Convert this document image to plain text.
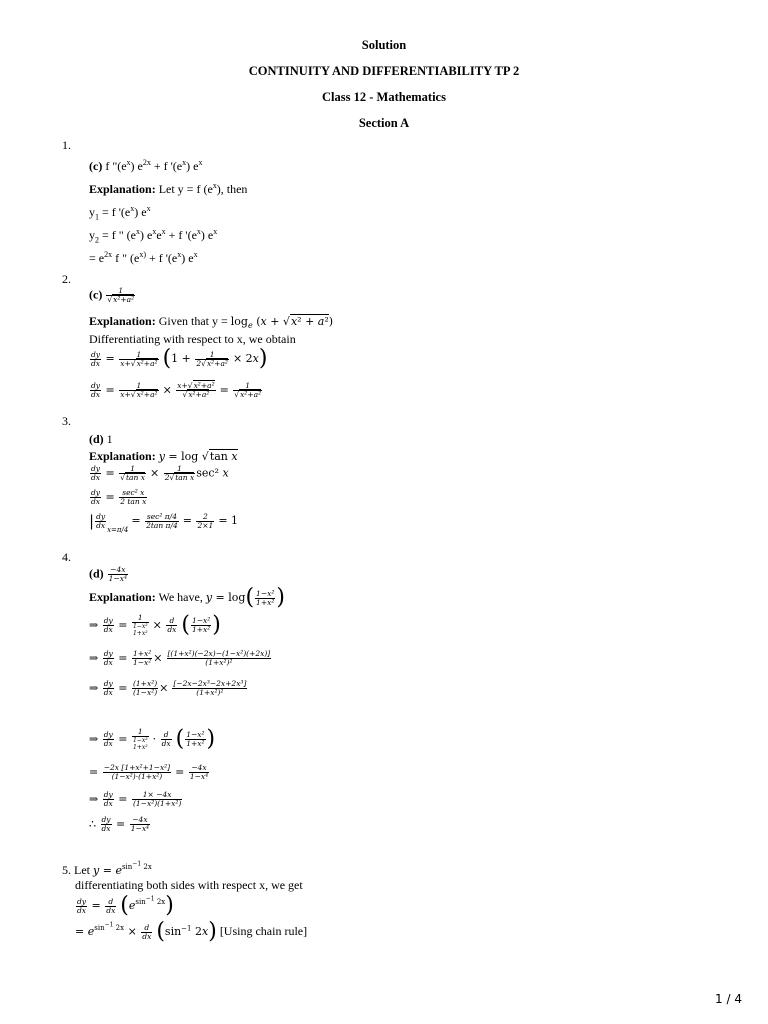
Solution
CONTINUITY AND DIFFERENTIABILITY TP 2
Class 12 - Mathematics
Section A
1.
(c) f "$(e^x) e^{2x} + f$ '$(e^x)$ $e^x$
Explanation: Let y = f $(e^x)$, then
$y_1 = f$ '$(e^x)$ $e^x$
$y_2 = f$ " $(e^x) e^xe^x + f$ '$(e^x)$ $e^x$
= $e^{2x}$ f " ($e^{x)} + f$ '$(e^x)$ $e^x$
2.
$(c) \frac{1}{\text{√x²+a²}}$
Explanation: Given that $y = \log_e (x + √x^2 + a^2)$
Differentiating with respect to x, we obtain
$\frac{dy}{dx} = \frac{1}{\text{x+√x²+a²}} (1 + \frac{1}{\text{2√x²+a²}} \times 2x)$
$\frac{dy}{dx} = \frac{1}{\text{x+√x²+a²}} \times \frac{\text{x+√x²+a²}}{\text{√x²+a²}} = \frac{1}{\text{√x²+a²}}$
3.
(d) 1
Explanation: y = log √tan x
$\frac{dy}{dx} = \frac{1}{\text{√tan x}} \times \frac{1}{\text{2√tan x}} \sec^2$ x
$\frac{dy}{dx} = \sec^2$ x
2 tan x
| $\frac{dy}{dx}$
$_{x=\pi/4}$ = sec² π/4
2tan $\pi/4 = \frac{2}{2\times 1} = 1$
4.
$(d) \frac{-4x}{\text{1−x⁴}}$
Explanation: We have, $y = \log( \frac{\text{1−x²}}{\text{1+x²}}$ )
⇒ $\frac{dy}{dx}$ =
1
1−x²
1+x²
× $\frac{d}{dx}$ ( $\frac{\text{1−x²}}{\text{1+x²}}$ )
⇒ $\frac{dy}{dx} = \frac{\text{1+x²}}{\text{1−x²}} \times \frac{\text{[(1+x²)(−2x)−(1−x²)(+2x)]}}{\text{(1+x²)²}}$
⇒ $\frac{dy}{dx} = \frac{\text{(1+x²)}}{\text{(1−x²)}} \times \frac{\text{[−2x−2x³−2x+2x³]}}{\text{(1+x²)²}}$
⇒ $\frac{dy}{dx}$ =
1
1−x²
1+x²
· $\frac{d}{dx}$ ( $\frac{\text{1−x²}}{\text{1+x²}}$ )
= $\frac{\text{−2x [1+x²+1−x²]}}{\text{(1−x²)·(1+x²)}} = \frac{-4x}{\text{1−x⁴}}$
⇒ $\frac{dy}{dx} = \frac{1\times -4x}{\text{(1−x²)(1+x²)}}$
∴ $\frac{dy}{dx} = \frac{-4x}{\text{1−x⁴}}$
5. Let $y = e^{sin^{-1} 2x}$
differentiating both sides with respect x, we get
$\frac{dy}{dx} = \frac{d}{dx} (e^{sin^{-1} 2x})$
= $e^{sin^{-1} 2x} \times \frac{d}{dx} (\sin^{-1}$ 2x) [Using chain rule]
1 / 4
